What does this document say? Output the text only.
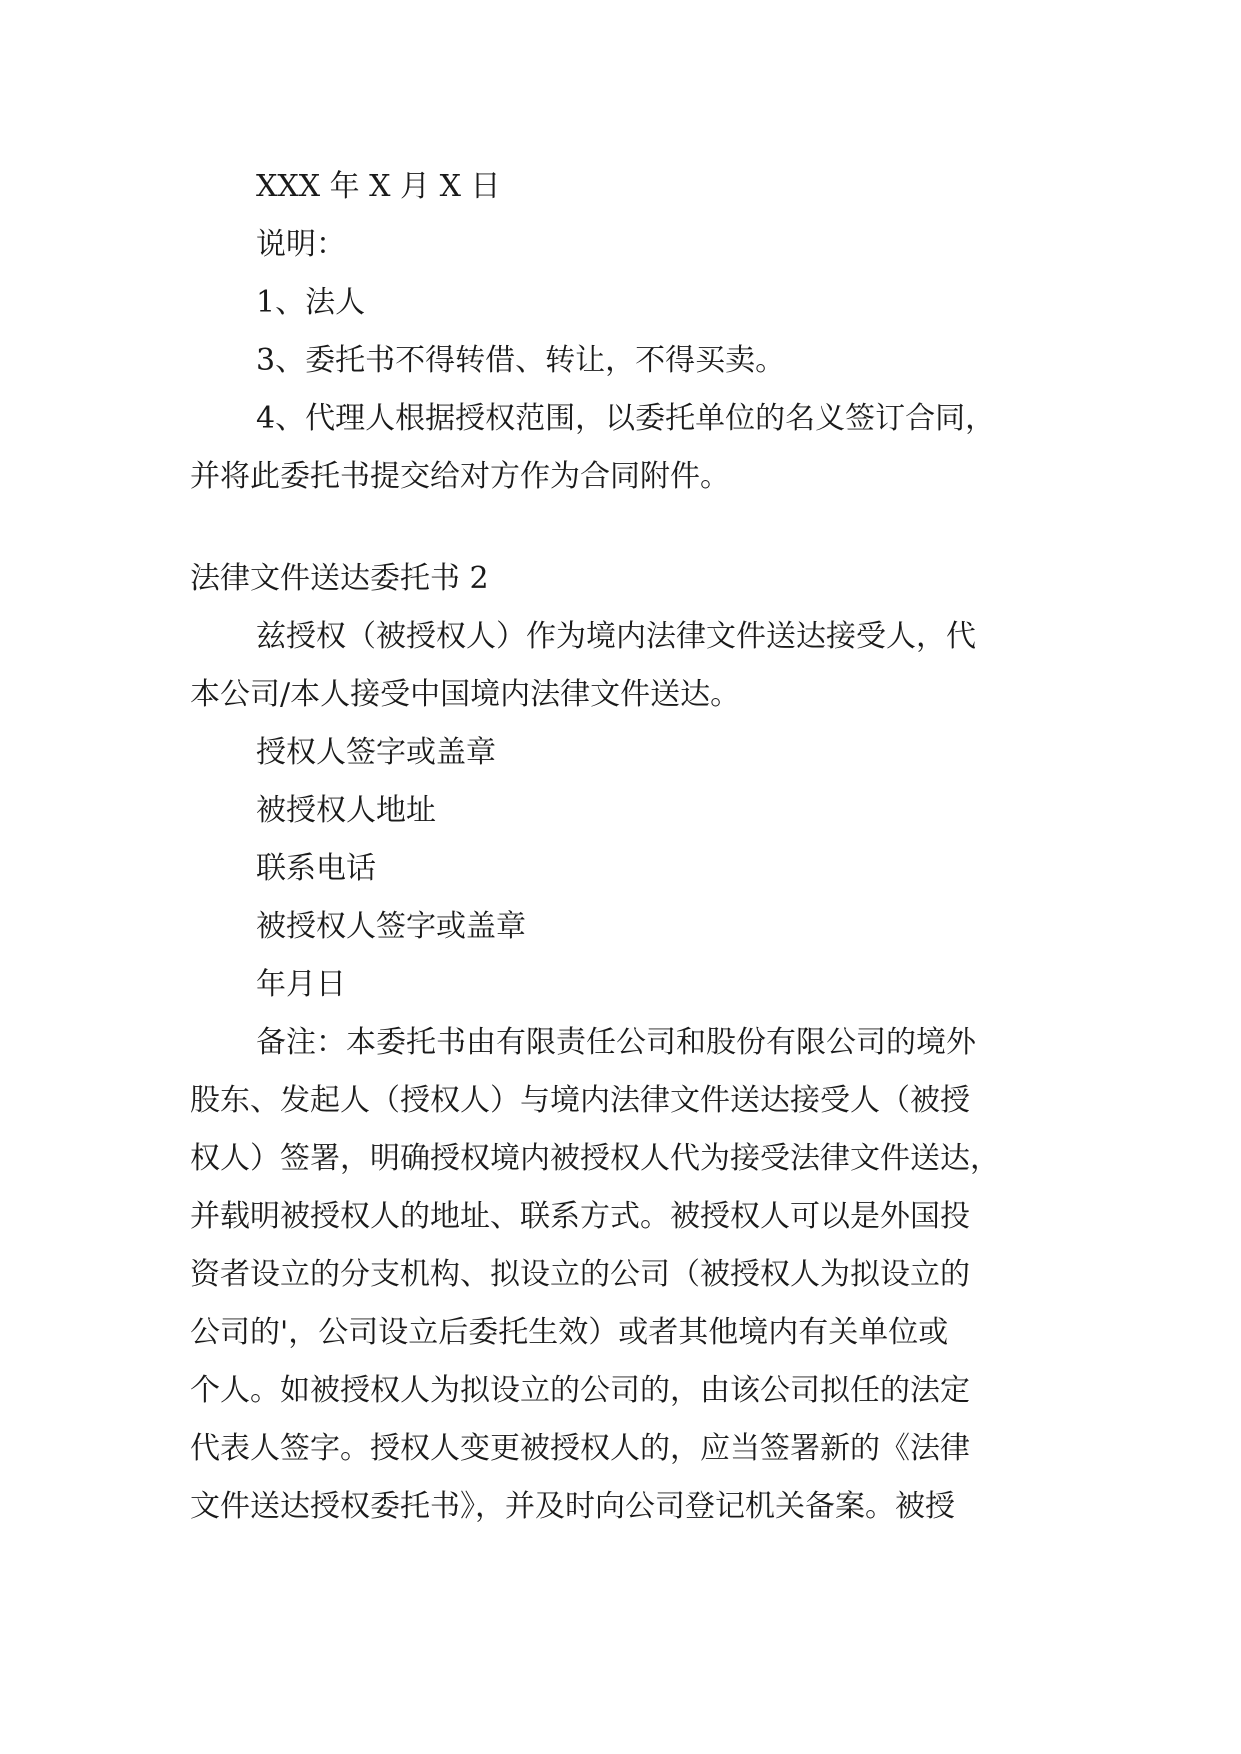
XXX 年 X 月 X 日
说明：
1、法人
3、委托书不得转借、转让，不得买卖。
4、代理人根据授权范围，以委托单位的名义签订合同，
并将此委托书提交给对方作为合同附件。
法律文件送达委托书 2
兹授权（被授权人）作为境内法律文件送达接受人，代
本公司/本人接受中国境内法律文件送达。
授权人签字或盖章
被授权人地址
联系电话
被授权人签字或盖章
年月日
备注：本委托书由有限责任公司和股份有限公司的境外
股东、发起人（授权人）与境内法律文件送达接受人（被授
权人）签署，明确授权境内被授权人代为接受法律文件送达，
并载明被授权人的地址、联系方式。被授权人可以是外国投
资者设立的分支机构、拟设立的公司（被授权人为拟设立的
公司的'，公司设立后委托生效）或者其他境内有关单位或
个人。如被授权人为拟设立的公司的，由该公司拟任的法定
代表人签字。授权人变更被授权人的，应当签署新的《法律
文件送达授权委托书》，并及时向公司登记机关备案。被授
